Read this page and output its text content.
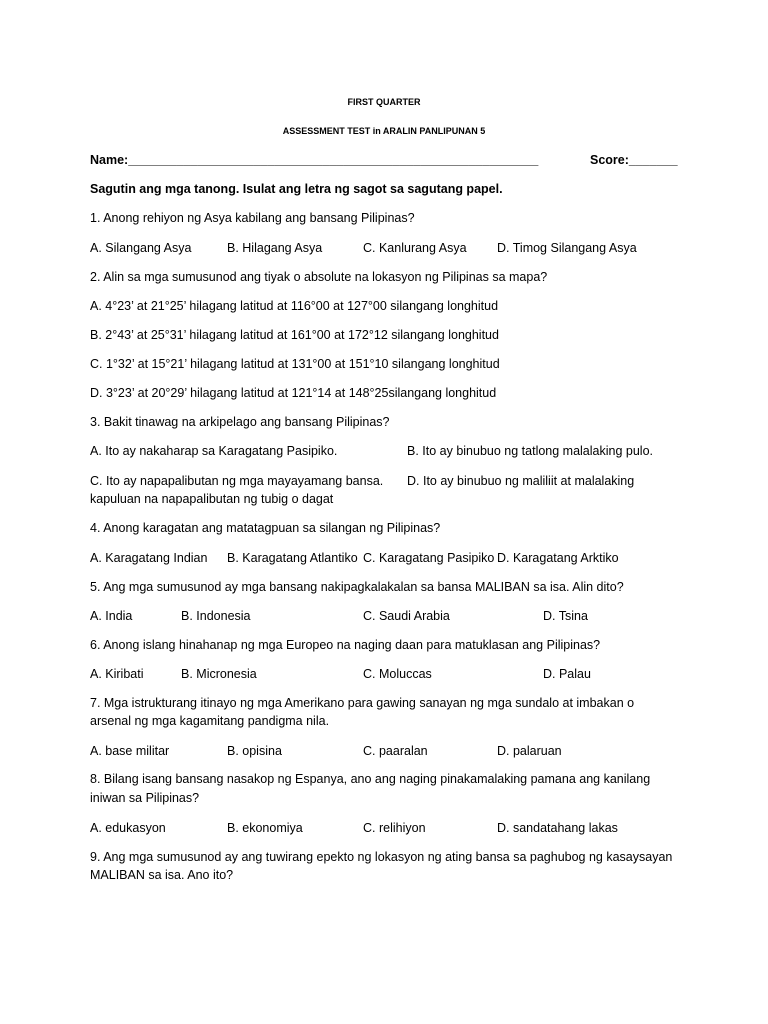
FIRST QUARTER
ASSESSMENT TEST in ARALIN PANLIPUNAN 5
Name:___________________________________________________________	Score:_______
Sagutin ang mga tanong. Isulat ang letra ng sagot sa sagutang papel.
1. Anong rehiyon ng Asya kabilang ang bansang Pilipinas?
A. Silangang Asya	B. Hilagang Asya	C. Kanlurang Asya D. Timog Silangang Asya
2. Alin sa mga sumusunod ang tiyak o absolute na lokasyon ng Pilipinas sa mapa?
A. 4°23’ at 21°25’ hilagang latitud at 116°00 at 127°00 silangang longhitud
B. 2°43’ at 25°31’ hilagang latitud at 161°00 at 172°12 silangang longhitud
C. 1°32’ at 15°21’ hilagang latitud at 131°00 at 151°10 silangang longhitud
D. 3°23’ at 20°29’ hilagang latitud at 121°14 at 148°25silangang longhitud
3. Bakit tinawag na arkipelago ang bansang Pilipinas?
A. Ito ay nakaharap sa Karagatang Pasipiko.	B. Ito ay binubuo ng tatlong malalaking pulo.
C. Ito ay napapalibutan ng mga mayayamang bansa. D. Ito ay binubuo ng maliliit at malalaking
kapuluan na napapalibutan ng tubig o dagat
4. Anong karagatan ang matatagpuan sa silangan ng Pilipinas?
A. Karagatang Indian B. Karagatang Atlantiko C. Karagatang Pasipiko D. Karagatang Arktiko
5. Ang mga sumusunod ay mga bansang nakipagkalakalan sa bansa MALIBAN sa isa. Alin dito?
A. India	B. Indonesia	C. Saudi Arabia	D. Tsina
6. Anong islang hinahanap ng mga Europeo na naging daan para matuklasan ang Pilipinas?
A. Kiribati	B. Micronesia	C. Moluccas	D. Palau
7. Mga istrukturang itinayo ng mga Amerikano para gawing sanayan ng mga sundalo at imbakan o
arsenal ng mga kagamitang pandigma nila.
A. base militar	B. opisina	C. paaralan	D. palaruan
8. Bilang isang bansang nasakop ng Espanya, ano ang naging pinakamalaking pamana ang kanilang
iniwan sa Pilipinas?
A. edukasyon	B. ekonomiya	C. relihiyon	D. sandatahang lakas
9. Ang mga sumusunod ay ang tuwirang epekto ng lokasyon ng ating bansa sa paghubog ng kasaysayan
MALIBAN sa isa. Ano ito?
